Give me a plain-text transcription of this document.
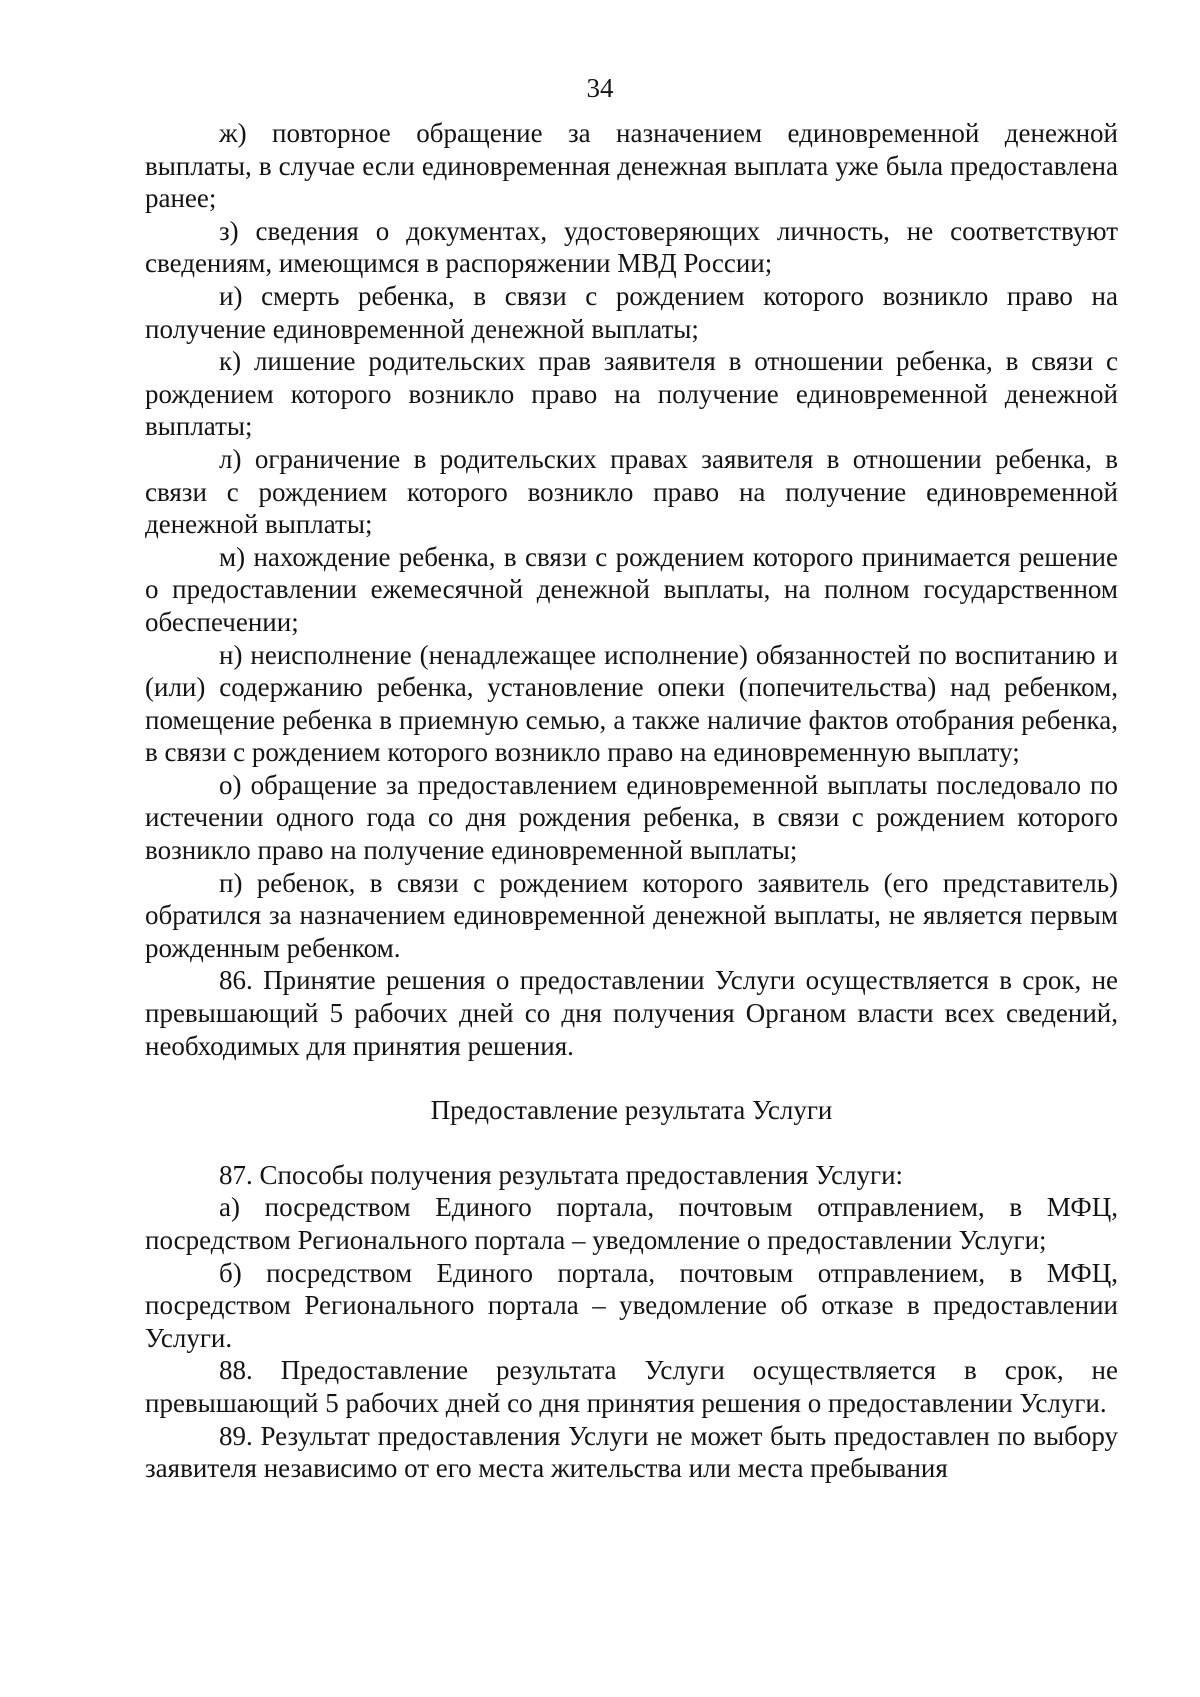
34

ж) повторное обращение за назначением единовременной денежной выплаты, в случае если единовременная денежная выплата уже была предоставлена ранее;

з) сведения о документах, удостоверяющих личность, не соответствуют сведениям, имеющимся в распоряжении МВД России;

и) смерть ребенка, в связи с рождением которого возникло право на получение единовременной денежной выплаты;

к) лишение родительских прав заявителя в отношении ребенка, в связи с рождением которого возникло право на получение единовременной денежной выплаты;

л) ограничение в родительских правах заявителя в отношении ребенка, в связи с рождением которого возникло право на получение единовременной денежной выплаты;

м) нахождение ребенка, в связи с рождением которого принимается решение о предоставлении ежемесячной денежной выплаты, на полном государственном обеспечении;

н) неисполнение (ненадлежащее исполнение) обязанностей по воспитанию и (или) содержанию ребенка, установление опеки (попечительства) над ребенком, помещение ребенка в приемную семью, а также наличие фактов отобрания ребенка, в связи с рождением которого возникло право на единовременную выплату;

о) обращение за предоставлением единовременной выплаты последовало по истечении одного года со дня рождения ребенка, в связи с рождением которого возникло право на получение единовременной выплаты;

п) ребенок, в связи с рождением которого заявитель (его представитель) обратился за назначением единовременной денежной выплаты, не является первым рожденным ребенком.

86. Принятие решения о предоставлении Услуги осуществляется в срок, не превышающий 5 рабочих дней со дня получения Органом власти всех сведений, необходимых для принятия решения.

Предоставление результата Услуги

87. Способы получения результата предоставления Услуги:

а) посредством Единого портала, почтовым отправлением, в МФЦ, посредством Регионального портала – уведомление о предоставлении Услуги;

б) посредством Единого портала, почтовым отправлением, в МФЦ, посредством Регионального портала – уведомление об отказе в предоставлении Услуги.

88. Предоставление результата Услуги осуществляется в срок, не превышающий 5 рабочих дней со дня принятия решения о предоставлении Услуги.

89. Результат предоставления Услуги не может быть предоставлен по выбору заявителя независимо от его места жительства или места пребывания
